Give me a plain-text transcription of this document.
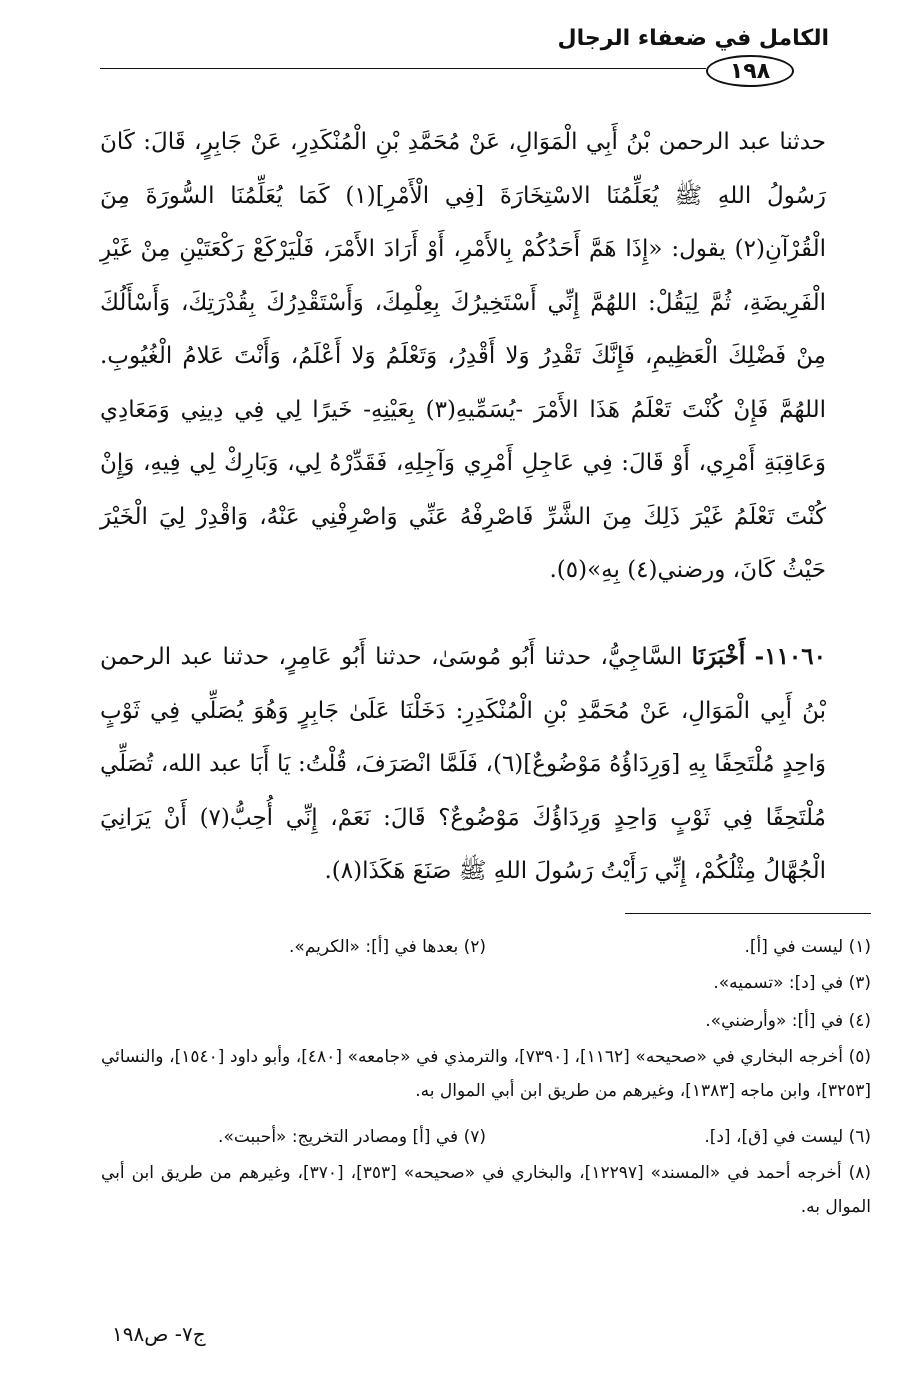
الكامل في ضعفاء الرجال
١٩٨
حدثنا عبد الرحمن بْنُ أَبِي الْمَوَالِ، عَنْ مُحَمَّدِ بْنِ الْمُنْكَدِرِ، عَنْ جَابِرٍ، قَالَ: كَانَ رَسُولُ اللهِ ﷺ يُعَلِّمُنَا الاسْتِخَارَةَ [فِي الْأَمْرِ](١) كَمَا يُعَلِّمُنَا السُّورَةَ مِنَ الْقُرْآنِ(٢) يقول: «إِذَا هَمَّ أَحَدُكُمْ بِالأَمْرِ، أَوْ أَرَادَ الأَمْرَ، فَلْيَرْكَعْ رَكْعَتَيْنِ مِنْ غَيْرِ الْفَرِيضَةِ، ثُمَّ لِيَقُلْ: اللهُمَّ إِنِّي أَسْتَخِيرُكَ بِعِلْمِكَ، وَأَسْتَقْدِرُكَ بِقُدْرَتِكَ، وَأَسْأَلُكَ مِنْ فَضْلِكَ الْعَظِيمِ، فَإِنَّكَ تَقْدِرُ وَلا أَقْدِرُ، وَتَعْلَمُ وَلا أَعْلَمُ، وَأَنْتَ عَلامُ الْغُيُوبِ. اللهُمَّ فَإِنْ كُنْتَ تَعْلَمُ هَذَا الأَمْرَ -يُسَمِّيهِ(٣) بِعَيْنِهِ- خَيرًا لِي فِي دِينِي وَمَعَادِي وَعَاقِبَةِ أَمْرِي، أَوْ قَالَ: فِي عَاجِلِ أَمْرِي وَآجِلِهِ، فَقَدِّرْهُ لِي، وَبَارِكْ لِي فِيهِ، وَإِنْ كُنْتَ تَعْلَمُ غَيْرَ ذَلِكَ مِنَ الشَّرِّ فَاصْرِفْهُ عَنِّي وَاصْرِفْنِي عَنْهُ، وَاقْدِرْ لِيَ الْخَيْرَ حَيْثُ كَانَ، ورضني(٤) بِهِ»(٥).
١١٠٦٠- أَخْبَرَنَا السَّاجِيُّ، حدثنا أَبُو مُوسَىٰ، حدثنا أَبُو عَامِرٍ، حدثنا عبد الرحمن بْنُ أَبِي الْمَوَالِ، عَنْ مُحَمَّدِ بْنِ الْمُنْكَدِرِ: دَخَلْنَا عَلَىٰ جَابِرٍ وَهُوَ يُصَلِّي فِي ثَوْبٍ وَاحِدٍ مُلْتَحِفًا بِهِ [وَرِدَاؤُهُ مَوْضُوعٌ](٦)، فَلَمَّا انْصَرَفَ، قُلْتُ: يَا أَبَا عبد الله، تُصَلِّي مُلْتَحِفًا فِي ثَوْبٍ وَاحِدٍ وَرِدَاؤُكَ مَوْضُوعٌ؟ قَالَ: نَعَمْ، إِنِّي أُحِبُّ(٧) أَنْ يَرَانِيَ الْجُهَّالُ مِثْلُكُمْ، إِنِّي رَأَيْتُ رَسُولَ اللهِ ﷺ صَنَعَ هَكَذَا(٨).
(١) ليست في [أ].
(٢) بعدها في [أ]: «الكريم».
(٣) في [د]: «تسميه».
(٤) في [أ]: «وأرضني».
(٥) أخرجه البخاري في «صحيحه» [١١٦٢]، [٧٣٩٠]، والترمذي في «جامعه» [٤٨٠]، وأبو داود [١٥٤٠]، والنسائي [٣٢٥٣]، وابن ماجه [١٣٨٣]، وغيرهم من طريق ابن أبي الموال به.
(٦) ليست في [ق]، [د].
(٧) في [أ] ومصادر التخريج: «أحببت».
(٨) أخرجه أحمد في «المسند» [١٢٢٩٧]، والبخاري في «صحيحه» [٣٥٣]، [٣٧٠]، وغيرهم من طريق ابن أبي الموال به.
ج٧- ص١٩٨
